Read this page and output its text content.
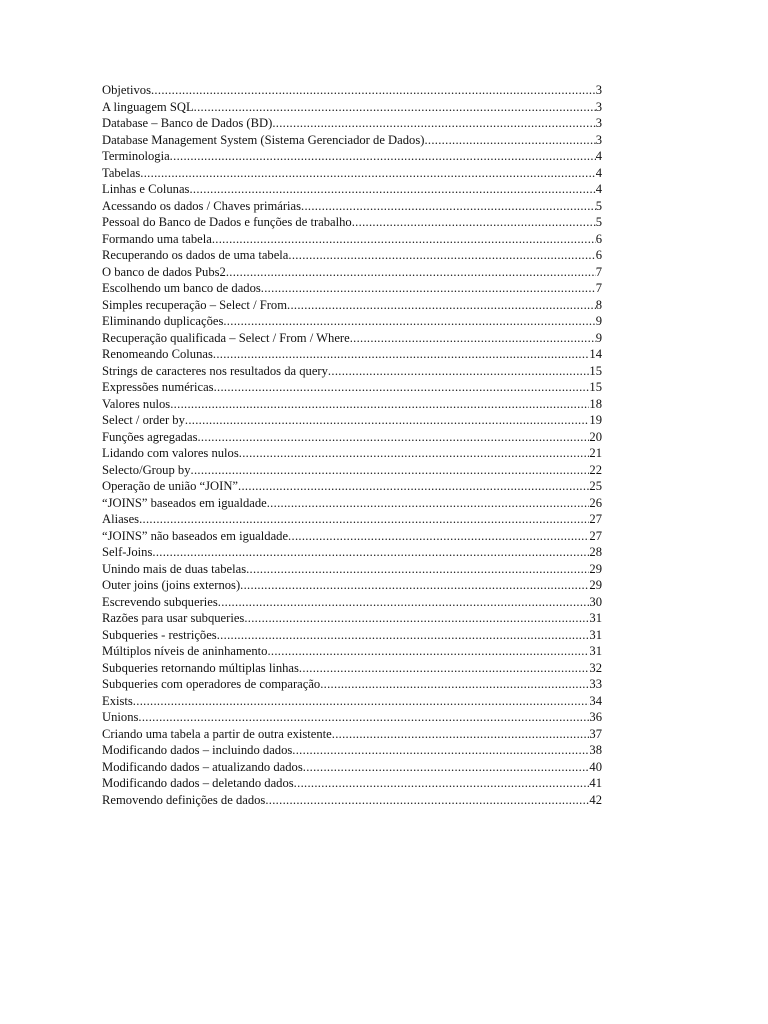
Objetivos .....	3
A linguagem SQL .....	3
Database – Banco de Dados (BD) .....	3
Database Management System (Sistema Gerenciador de Dados) .....	3
Terminologia .....	4
Tabelas .....	4
Linhas e Colunas .....	4
Acessando os dados / Chaves primárias .....	5
Pessoal do Banco de Dados e funções de trabalho .....	5
Formando uma tabela .....	6
Recuperando os dados de uma tabela .....	6
O banco de dados Pubs2 .....	7
Escolhendo um banco de dados .....	7
Simples recuperação – Select / From .....	8
Eliminando duplicações .....	9
Recuperação qualificada – Select / From / Where .....	9
Renomeando Colunas .....	14
Strings de caracteres nos resultados da query .....	15
Expressões numéricas .....	15
Valores nulos .....	18
Select / order by .....	19
Funções agregadas .....	20
Lidando com valores nulos .....	21
Selecto/Group by .....	22
Operação de união “JOIN” .....	25
“JOINS” baseados em igualdade .....	26
Aliases .....	27
“JOINS” não baseados em igualdade .....	27
Self-Joins .....	28
Unindo mais de duas tabelas .....	29
Outer joins (joins externos) .....	29
Escrevendo subqueries .....	30
Razões para usar subqueries .....	31
Subqueries - restrições .....	31
Múltiplos níveis de aninhamento .....	31
Subqueries retornando múltiplas linhas .....	32
Subqueries com operadores de comparação .....	33
Exists .....	34
Unions .....	36
Criando uma tabela a partir de outra existente .....	37
Modificando dados – incluindo dados .....	38
Modificando dados – atualizando dados .....	40
Modificando dados – deletando dados .....	41
Removendo definições de dados .....	42
